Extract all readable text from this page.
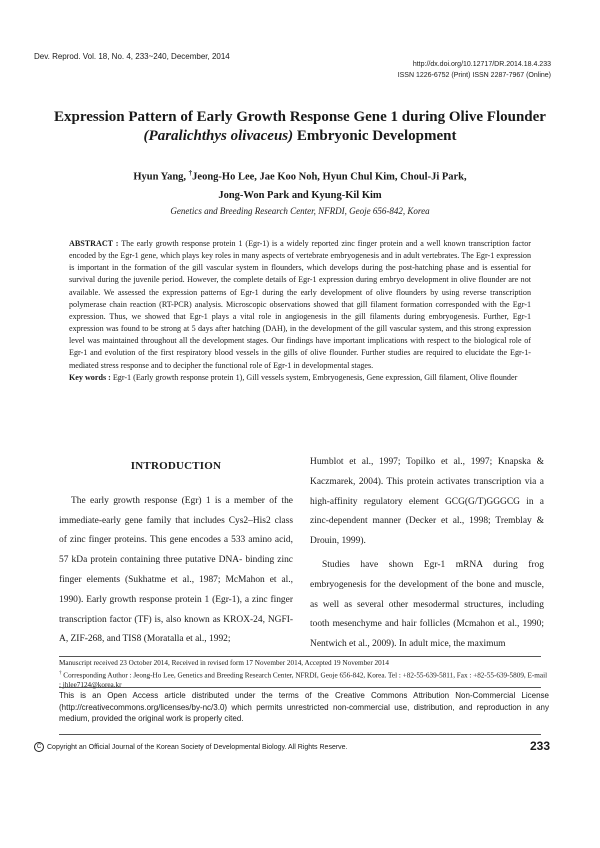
Dev. Reprod. Vol. 18, No. 4, 233~240, December, 2014
http://dx.doi.org/10.12717/DR.2014.18.4.233
ISSN 1226-6752 (Print) ISSN 2287-7967 (Online)
Expression Pattern of Early Growth Response Gene 1 during Olive Flounder
(Paralichthys olivaceus) Embryonic Development
Hyun Yang, †Jeong-Ho Lee, Jae Koo Noh, Hyun Chul Kim, Choul-Ji Park,
Jong-Won Park and Kyung-Kil Kim
Genetics and Breeding Research Center, NFRDI, Geoje 656-842, Korea
ABSTRACT : The early growth response protein 1 (Egr-1) is a widely reported zinc finger protein and a well known transcription factor encoded by the Egr-1 gene, which plays key roles in many aspects of vertebrate embryogenesis and in adult vertebrates. The Egr-1 expression is important in the formation of the gill vascular system in flounders, which develops during the post-hatching phase and is essential for survival during the juvenile period. However, the complete details of Egr-1 expression during embryo development in olive flounder are not available. We assessed the expression patterns of Egr-1 during the early development of olive flounders by using reverse transcription polymerase chain reaction (RT-PCR) analysis. Microscopic observations showed that gill filament formation corresponded with the Egr-1 expression. Thus, we showed that Egr-1 plays a vital role in angiogenesis in the gill filaments during embryogenesis. Further, Egr-1 expression was found to be strong at 5 days after hatching (DAH), in the development of the gill vascular system, and this strong expression level was maintained throughout all the development stages. Our findings have important implications with respect to the biological role of Egr-1 and evolution of the first respiratory blood vessels in the gills of olive flounder. Further studies are required to elucidate the Egr-1-mediated stress response and to decipher the functional role of Egr-1 in developmental stages.
Key words : Egr-1 (Early growth response protein 1), Gill vessels system, Embryogenesis, Gene expression, Gill filament, Olive flounder
INTRODUCTION

The early growth response (Egr) 1 is a member of the immediate-early gene family that includes Cys2–His2 class of zinc finger proteins. This gene encodes a 533 amino acid, 57 kDa protein containing three putative DNA- binding zinc finger elements (Sukhatme et al., 1987; McMahon et al., 1990). Early growth response protein 1 (Egr-1), a zinc finger transcription factor (TF) is, also known as KROX-24, NGFI-A, ZIF-268, and TIS8 (Moratalla et al., 1992;

Humblot et al., 1997; Topilko et al., 1997; Knapska & Kaczmarek, 2004). This protein activates transcription via a high-affinity regulatory element GCG(G/T)GGGCG in a zinc-dependent manner (Decker et al., 1998; Tremblay & Drouin, 1999).

Studies have shown Egr-1 mRNA during frog embryogenesis for the development of the bone and muscle, as well as several other mesodermal structures, including tooth mesenchyme and hair follicles (Mcmahon et al., 1990; Nentwich et al., 2009). In adult mice, the maximum

Manuscript received 23 October 2014, Received in revised form 17 November 2014, Accepted 19 November 2014
† Corresponding Author : Jeong-Ho Lee, Genetics and Breeding Research Center, NFRDI, Geoje 656-842, Korea. Tel : +82-55-639-5811, Fax : +82-55-639-5809, E-mail : jhlee7124@korea.kr
This is an Open Access article distributed under the terms of the Creative Commons Attribution Non-Commercial License (http://creativecommons.org/licenses/by-nc/3.0) which permits unrestricted non-commercial use, distribution, and reproduction in any medium, provided the original work is properly cited.
C Copyright an Official Journal of the Korean Society of Developmental Biology. All Rights Reserve.	233
